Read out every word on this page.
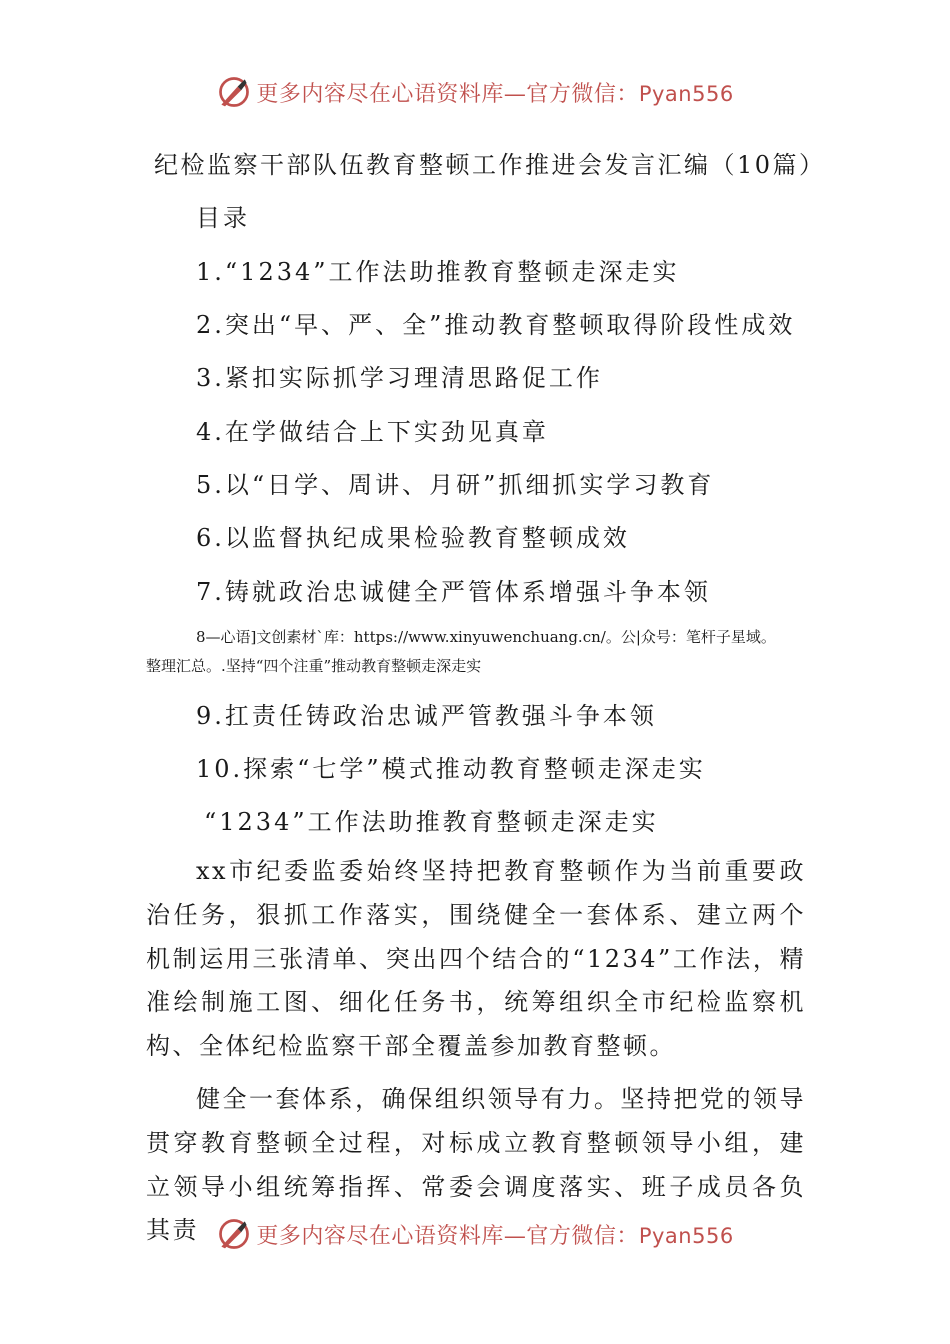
更多内容尽在心语资料库—官方微信：Pyan556
纪检监察干部队伍教育整顿工作推进会发言汇编（10篇）
目录
1.“1234”工作法助推教育整顿走深走实
2.突出“早、严、全”推动教育整顿取得阶段性成效
3.紧扣实际抓学习理清思路促工作
4.在学做结合上下实劲见真章
5.以“日学、周讲、月研”抓细抓实学习教育
6.以监督执纪成果检验教育整顿成效
7.铸就政治忠诚健全严管体系增强斗争本领
8—心语]文创素材`库：https://www.xinyuwenchuang.cn/。公|众号：笔杆子星域。
整理汇总。.坚持“四个注重”推动教育整顿走深走实
9.扛责任铸政治忠诚严管教强斗争本领
10.探索“七学”模式推动教育整顿走深走实
“1234”工作法助推教育整顿走深走实

xx市纪委监委始终坚持把教育整顿作为当前重要政治任务，狠抓工作落实，围绕健全一套体系、建立两个机制运用三张清单、突出四个结合的“1234”工作法，精准绘制施工图、细化任务书，统筹组织全市纪检监察机构、全体纪检监察干部全覆盖参加教育整顿。

健全一套体系，确保组织领导有力。坚持把党的领导贯穿教育整顿全过程，对标成立教育整顿领导小组，建立领导小组统筹指挥、常委会调度落实、班子成员各负其责	更多内容尽在心语资料库—官方微信：Pyan556
